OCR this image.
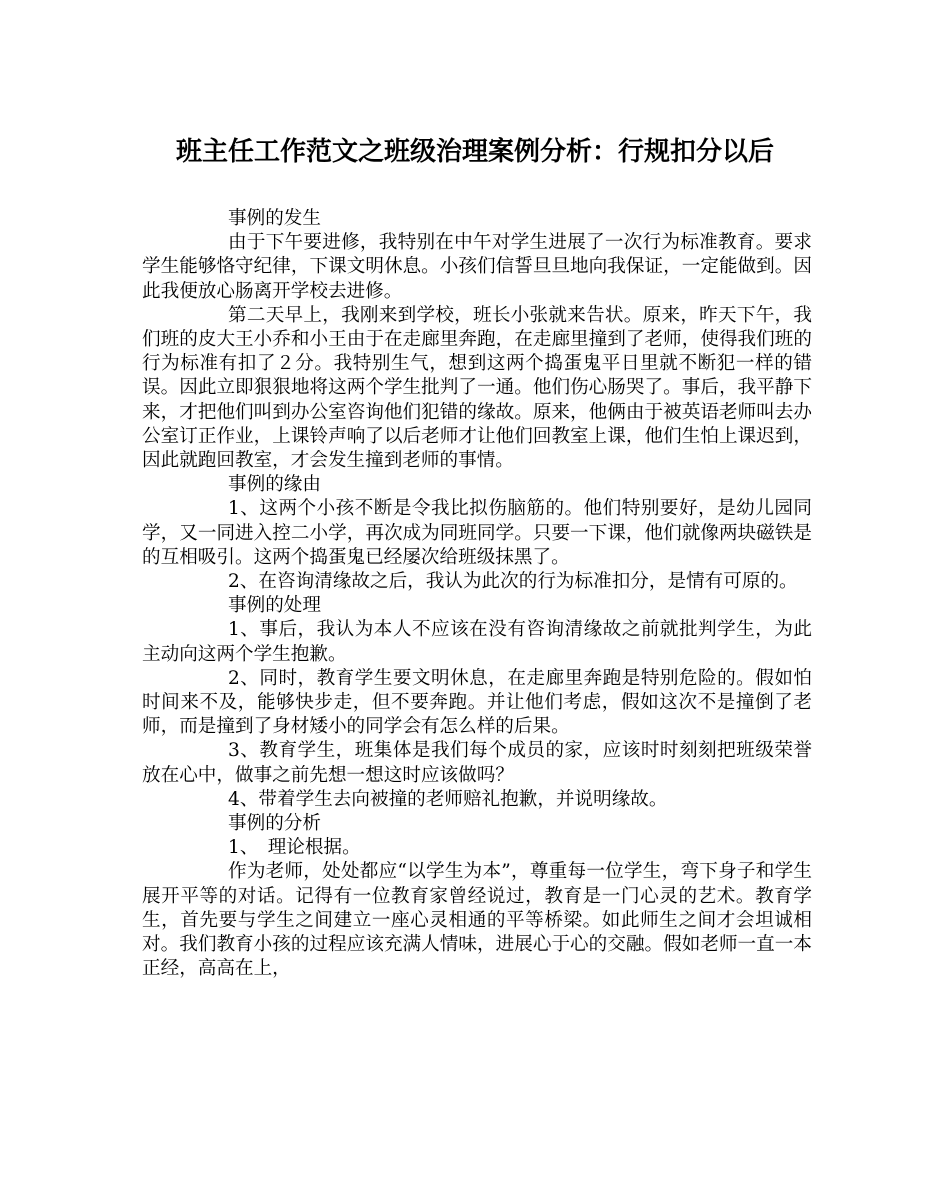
班主任工作范文之班级治理案例分析：行规扣分以后

事例的发生

由于下午要进修，我特别在中午对学生进展了一次行为标准教育。要求学生能够恪守纪律，下课文明休息。小孩们信誓旦旦地向我保证，一定能做到。因此我便放心肠离开学校去进修。

第二天早上，我刚来到学校，班长小张就来告状。原来，昨天下午，我们班的皮大王小乔和小王由于在走廊里奔跑，在走廊里撞到了老师，使得我们班的行为标准有扣了２分。我特别生气，想到这两个捣蛋鬼平日里就不断犯一样的错误。因此立即狠狠地将这两个学生批判了一通。他们伤心肠哭了。事后，我平静下来，才把他们叫到办公室咨询他们犯错的缘故。原来，他俩由于被英语老师叫去办公室订正作业，上课铃声响了以后老师才让他们回教室上课，他们生怕上课迟到，因此就跑回教室，才会发生撞到老师的事情。

事例的缘由

1、这两个小孩不断是令我比拟伤脑筋的。他们特别要好，是幼儿园同学，又一同进入控二小学，再次成为同班同学。只要一下课，他们就像两块磁铁是的互相吸引。这两个捣蛋鬼已经屡次给班级抹黑了。

2、在咨询清缘故之后，我认为此次的行为标准扣分，是情有可原的。

事例的处理

1、事后，我认为本人不应该在没有咨询清缘故之前就批判学生，为此主动向这两个学生抱歉。

2、同时，教育学生要文明休息，在走廊里奔跑是特别危险的。假如怕时间来不及，能够快步走，但不要奔跑。并让他们考虑，假如这次不是撞倒了老师，而是撞到了身材矮小的同学会有怎么样的后果。

3、教育学生，班集体是我们每个成员的家，应该时时刻刻把班级荣誉放在心中，做事之前先想一想这时应该做吗？

4、带着学生去向被撞的老师赔礼抱歉，并说明缘故。

事例的分析

1、　理论根据。

作为老师，处处都应“以学生为本”，尊重每一位学生，弯下身子和学生展开平等的对话。记得有一位教育家曾经说过，教育是一门心灵的艺术。教育学生，首先要与学生之间建立一座心灵相通的平等桥梁。如此师生之间才会坦诚相对。我们教育小孩的过程应该充满人情味，进展心于心的交融。假如老师一直一本正经，高高在上，
